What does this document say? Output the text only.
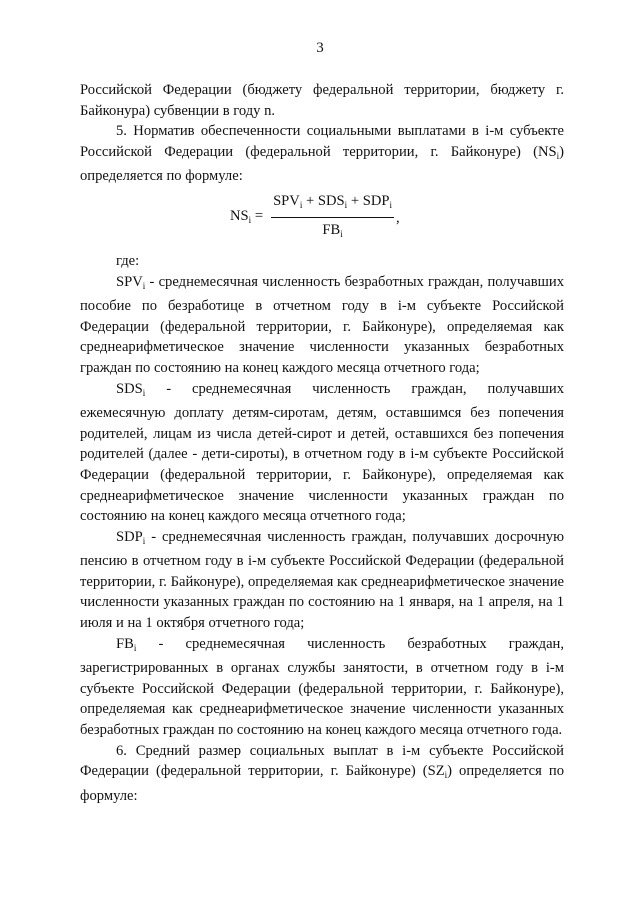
3

Российской Федерации (бюджету федеральной территории, бюджету г. Байконура) субвенции в году n.

5. Норматив обеспеченности социальными выплатами в i-м субъекте Российской Федерации (федеральной территории, г. Байконуре) $(NS_i)$ определяется по формуле:

$NS_i = \frac{SPV_i + SDS_i + SDP_i}{FB_i}$ ,

где:

$SPV_i$ - среднемесячная численность безработных граждан, получавших пособие по безработице в отчетном году в i-м субъекте Российской Федерации (федеральной территории, г. Байконуре), определяемая как среднеарифметическое значение численности указанных безработных граждан по состоянию на конец каждого месяца отчетного года;

$SDS_i$ - среднемесячная численность граждан, получавших ежемесячную доплату детям-сиротам, детям, оставшимся без попечения родителей, лицам из числа детей-сирот и детей, оставшихся без попечения родителей (далее - дети-сироты), в отчетном году в i-м субъекте Российской Федерации (федеральной территории, г. Байконуре), определяемая как среднеарифметическое значение численности указанных граждан по состоянию на конец каждого месяца отчетного года;

$SDP_i$ - среднемесячная численность граждан, получавших досрочную пенсию в отчетном году в i-м субъекте Российской Федерации (федеральной территории, г. Байконуре), определяемая как среднеарифметическое значение численности указанных граждан по состоянию на 1 января, на 1 апреля, на 1 июля и на 1 октября отчетного года;

$FB_i$ - среднемесячная численность безработных граждан, зарегистрированных в органах службы занятости, в отчетном году в i-м субъекте Российской Федерации (федеральной территории, г. Байконуре), определяемая как среднеарифметическое значение численности указанных безработных граждан по состоянию на конец каждого месяца отчетного года.

6. Средний размер социальных выплат в i-м субъекте Российской Федерации (федеральной территории, г. Байконуре) $(SZ_i)$ определяется по формуле:
